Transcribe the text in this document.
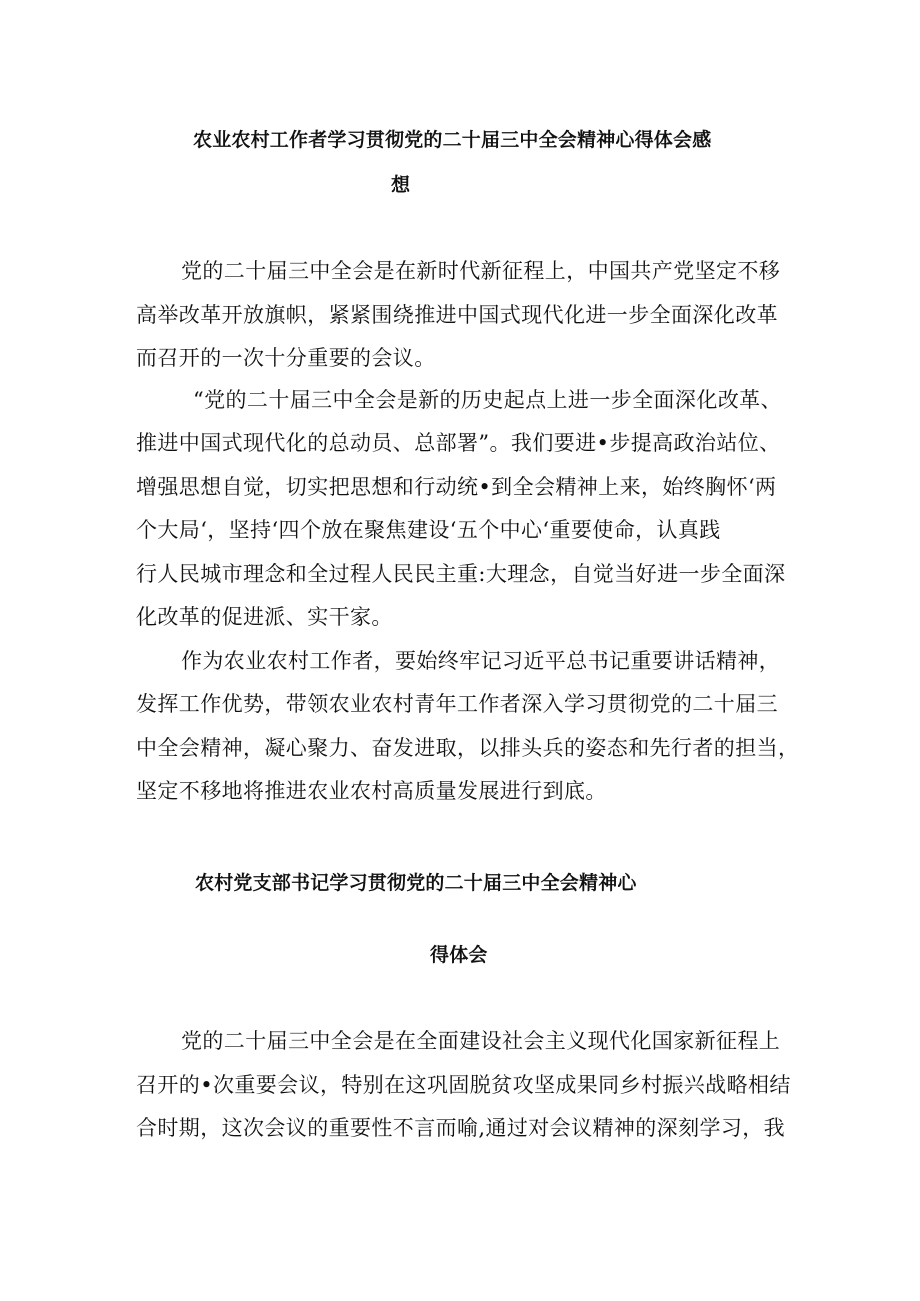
农业农村工作者学习贯彻党的二十届三中全会精神心得体会感
想
党的二十届三中全会是在新时代新征程上，中国共产党坚定不移
高举改革开放旗帜，紧紧围绕推进中国式现代化进一步全面深化改革
而召开的一次十分重要的会议。
“党的二十届三中全会是新的历史起点上进一步全面深化改革、
推进中国式现代化的总动员、总部署”。我们要进•步提高政治站位、
增强思想自觉，切实把思想和行动统•到全会精神上来，始终胸怀‘两
个大局‘，坚持‘四个放在聚焦建设‘五个中心‘重要使命，认真践
行人民城市理念和全过程人民民主重:大理念，自觉当好进一步全面深
化改革的促进派、实干家。
作为农业农村工作者，要始终牢记习近平总书记重要讲话精神，
发挥工作优势，带领农业农村青年工作者深入学习贯彻党的二十届三
中全会精神，凝心聚力、奋发进取，以排头兵的姿态和先行者的担当，
坚定不移地将推进农业农村高质量发展进行到底。
农村党支部书记学习贯彻党的二十届三中全会精神心
得体会
党的二十届三中全会是在全面建设社会主义现代化国家新征程上
召开的•次重要会议，特别在这巩固脱贫攻坚成果同乡村振兴战略相结
合时期，这次会议的重要性不言而喻,通过对会议精神的深刻学习，我
